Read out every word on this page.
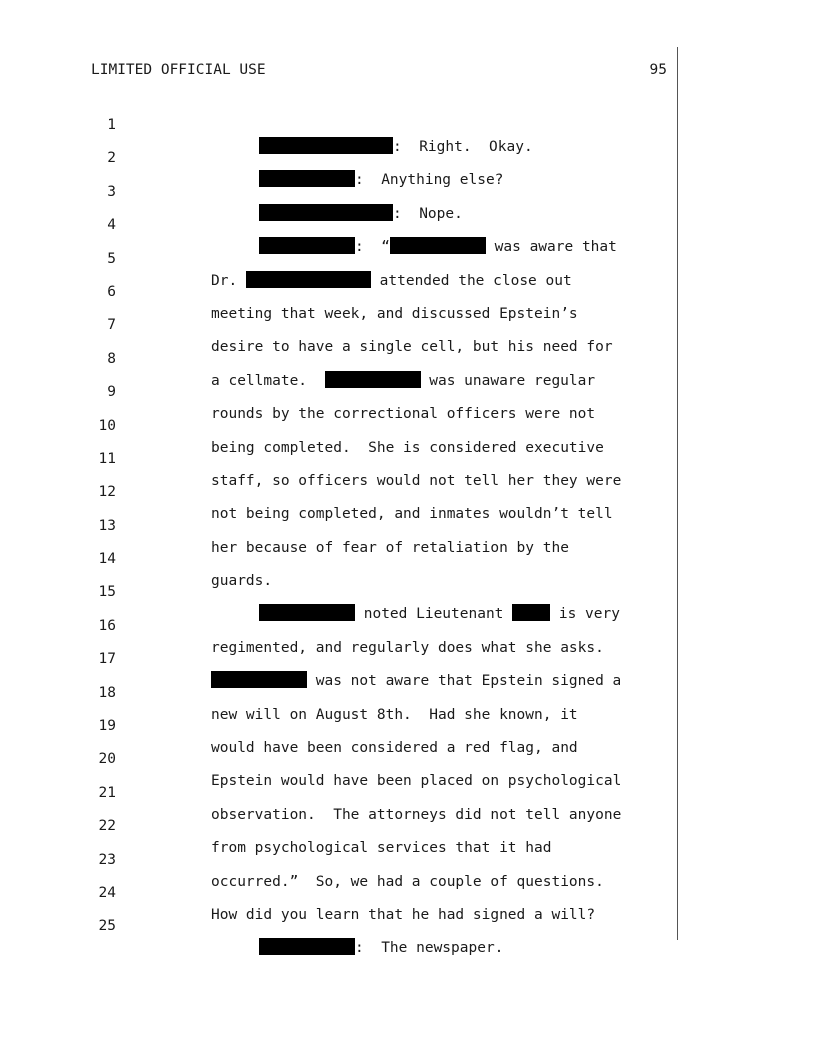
LIMITED OFFICIAL USE	95

1

:  Right.  Okay.

2

:  Anything else?

3

:  Nope.

4

:  “	was aware that

5

Dr.	attended the close out

6

meeting that week, and discussed Epstein’s

7

desire to have a single cell, but his need for

8

a cellmate.	was unaware regular

9

rounds by the correctional officers were not

10

being completed.  She is considered executive

11

staff, so officers would not tell her they were

12

not being completed, and inmates wouldn’t tell

13

her because of fear of retaliation by the

14

guards.

15

noted Lieutenant	is very

16

regimented, and regularly does what she asks.

17

was not aware that Epstein signed a

18

new will on August 8th.  Had she known, it

19

would have been considered a red flag, and

20

Epstein would have been placed on psychological

21

observation.  The attorneys did not tell anyone

22

from psychological services that it had

23

occurred.”  So, we had a couple of questions.

24

How did you learn that he had signed a will?

25

:  The newspaper.
